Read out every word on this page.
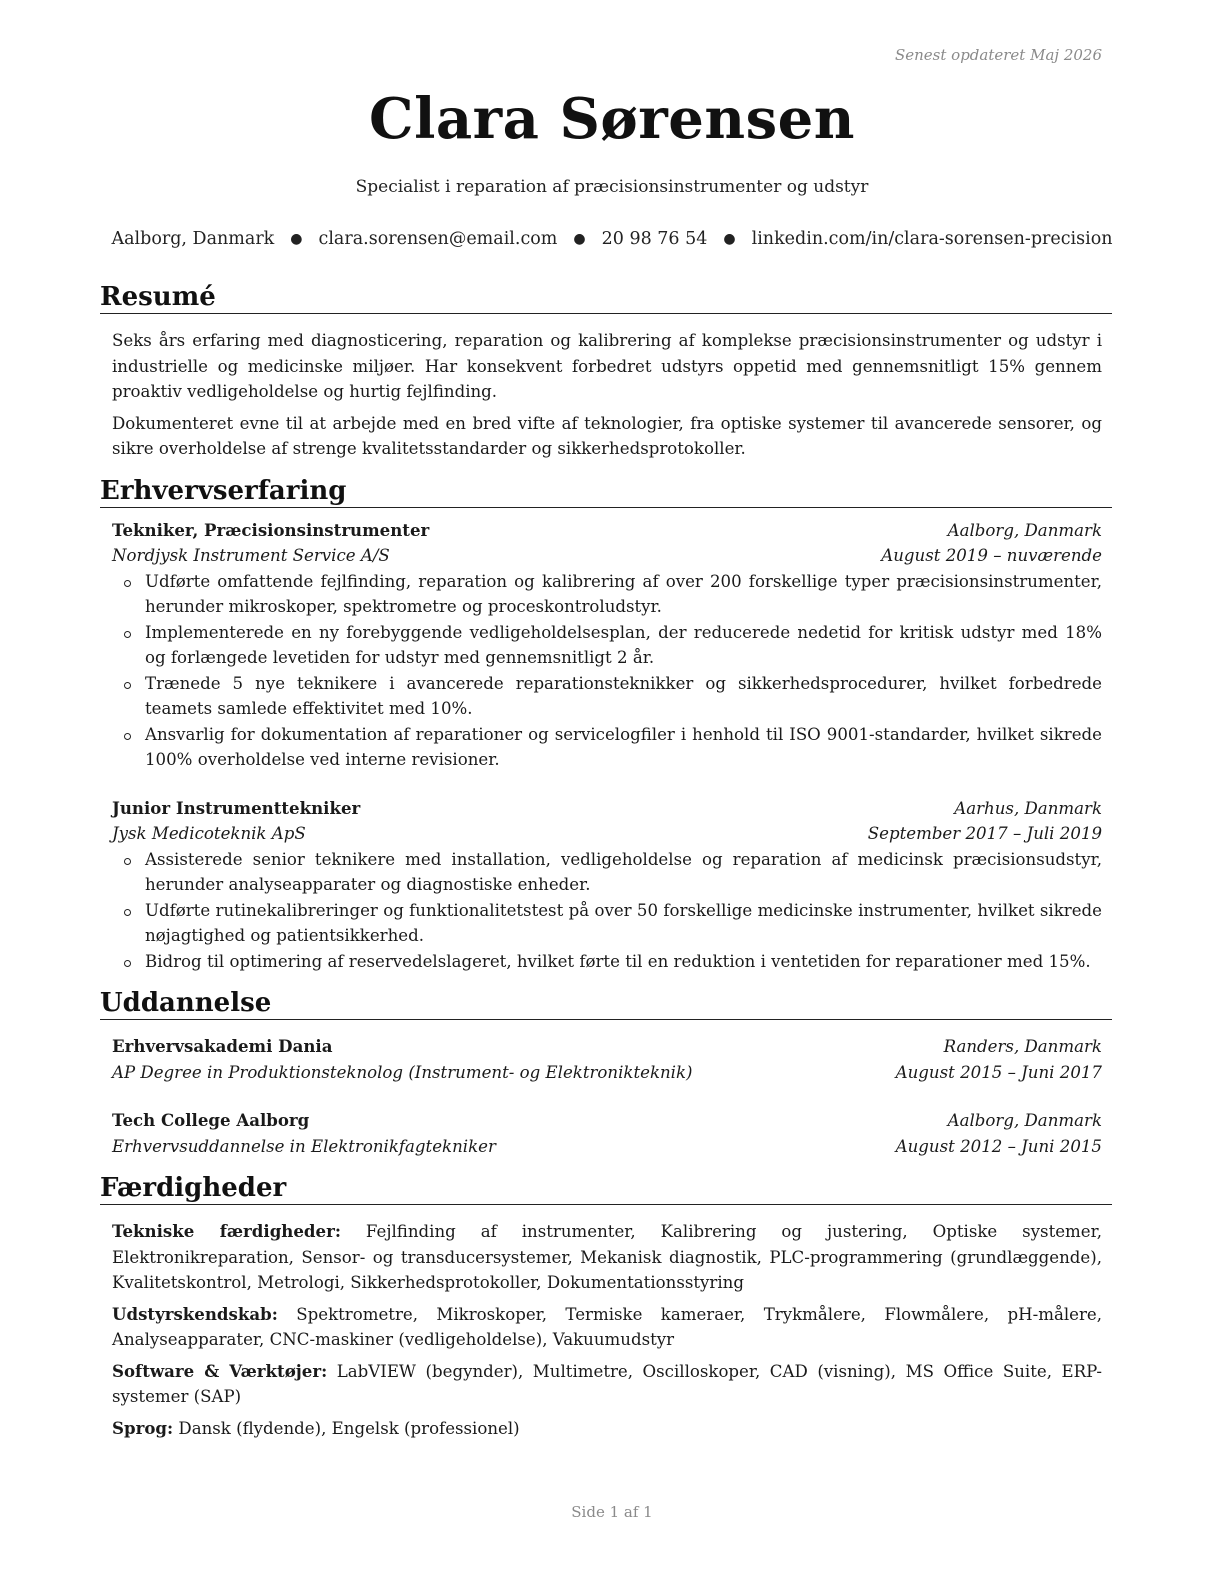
Senest opdateret Maj 2026
Clara Sørensen
Specialist i reparation af præcisionsinstrumenter og udstyr
Aalborg, Danmark ● clara.sorensen@email.com ● 20 98 76 54 ● linkedin.com/in/clara-sorensen-precision
Resumé

Seks års erfaring med diagnosticering, reparation og kalibrering af komplekse præcisionsinstrumenter og udstyr i industrielle og medicinske miljøer. Har konsekvent forbedret udstyrs oppetid med gennemsnitligt 15% gennem proaktiv vedligeholdelse og hurtig fejlfinding.

Dokumenteret evne til at arbejde med en bred vifte af teknologier, fra optiske systemer til avancerede sensorer, og sikre overholdelse af strenge kvalitetsstandarder og sikkerhedsprotokoller.

Erhvervserfaring
Tekniker, Præcisionsinstrumenter	Aalborg, Danmark
Nordjysk Instrument Service A/S	August 2019 – nuværende
Udførte omfattende fejlfinding, reparation og kalibrering af over 200 forskellige typer præcisionsinstrumenter, herunder mikroskoper, spektrometre og proceskontroludstyr.
Implementerede en ny forebyggende vedligeholdelsesplan, der reducerede nedetid for kritisk udstyr med 18% og forlængede levetiden for udstyr med gennemsnitligt 2 år.
Trænede 5 nye teknikere i avancerede reparationsteknikker og sikkerhedsprocedurer, hvilket forbedrede teamets samlede effektivitet med 10%.
Ansvarlig for dokumentation af reparationer og servicelogfiler i henhold til ISO 9001-standarder, hvilket sikrede 100% overholdelse ved interne revisioner.
Junior Instrumenttekniker	Aarhus, Danmark
Jysk Medicoteknik ApS	September 2017 – Juli 2019
Assisterede senior teknikere med installation, vedligeholdelse og reparation af medicinsk præcisionsudstyr, herunder analyseapparater og diagnostiske enheder.
Udførte rutinekalibreringer og funktionalitetstest på over 50 forskellige medicinske instrumenter, hvilket sikrede nøjagtighed og patientsikkerhed.
Bidrog til optimering af reservedelslageret, hvilket førte til en reduktion i ventetiden for reparationer med 15%.
Uddannelse
Erhvervsakademi Dania	Randers, Danmark
AP Degree in Produktionsteknolog (Instrument- og Elektronikteknik)	August 2015 – Juni 2017
Tech College Aalborg	Aalborg, Danmark
Erhvervsuddannelse in Elektronikfagtekniker	August 2012 – Juni 2015
Færdigheder
Tekniske færdigheder: Fejlfinding af instrumenter, Kalibrering og justering, Optiske systemer, Elektronikreparation, Sensor- og transducersystemer, Mekanisk diagnostik, PLC-programmering (grundlæggende), Kvalitetskontrol, Metrologi, Sikkerhedsprotokoller, Dokumentationsstyring
Udstyrskendskab: Spektrometre, Mikroskoper, Termiske kameraer, Trykmålere, Flowmålere, pH-målere, Analyseapparater, CNC-maskiner (vedligeholdelse), Vakuumudstyr
Software & Værktøjer: LabVIEW (begynder), Multimetre, Oscilloskoper, CAD (visning), MS Office Suite, ERP-systemer (SAP)
Sprog: Dansk (flydende), Engelsk (professionel)
Side 1 af 1
